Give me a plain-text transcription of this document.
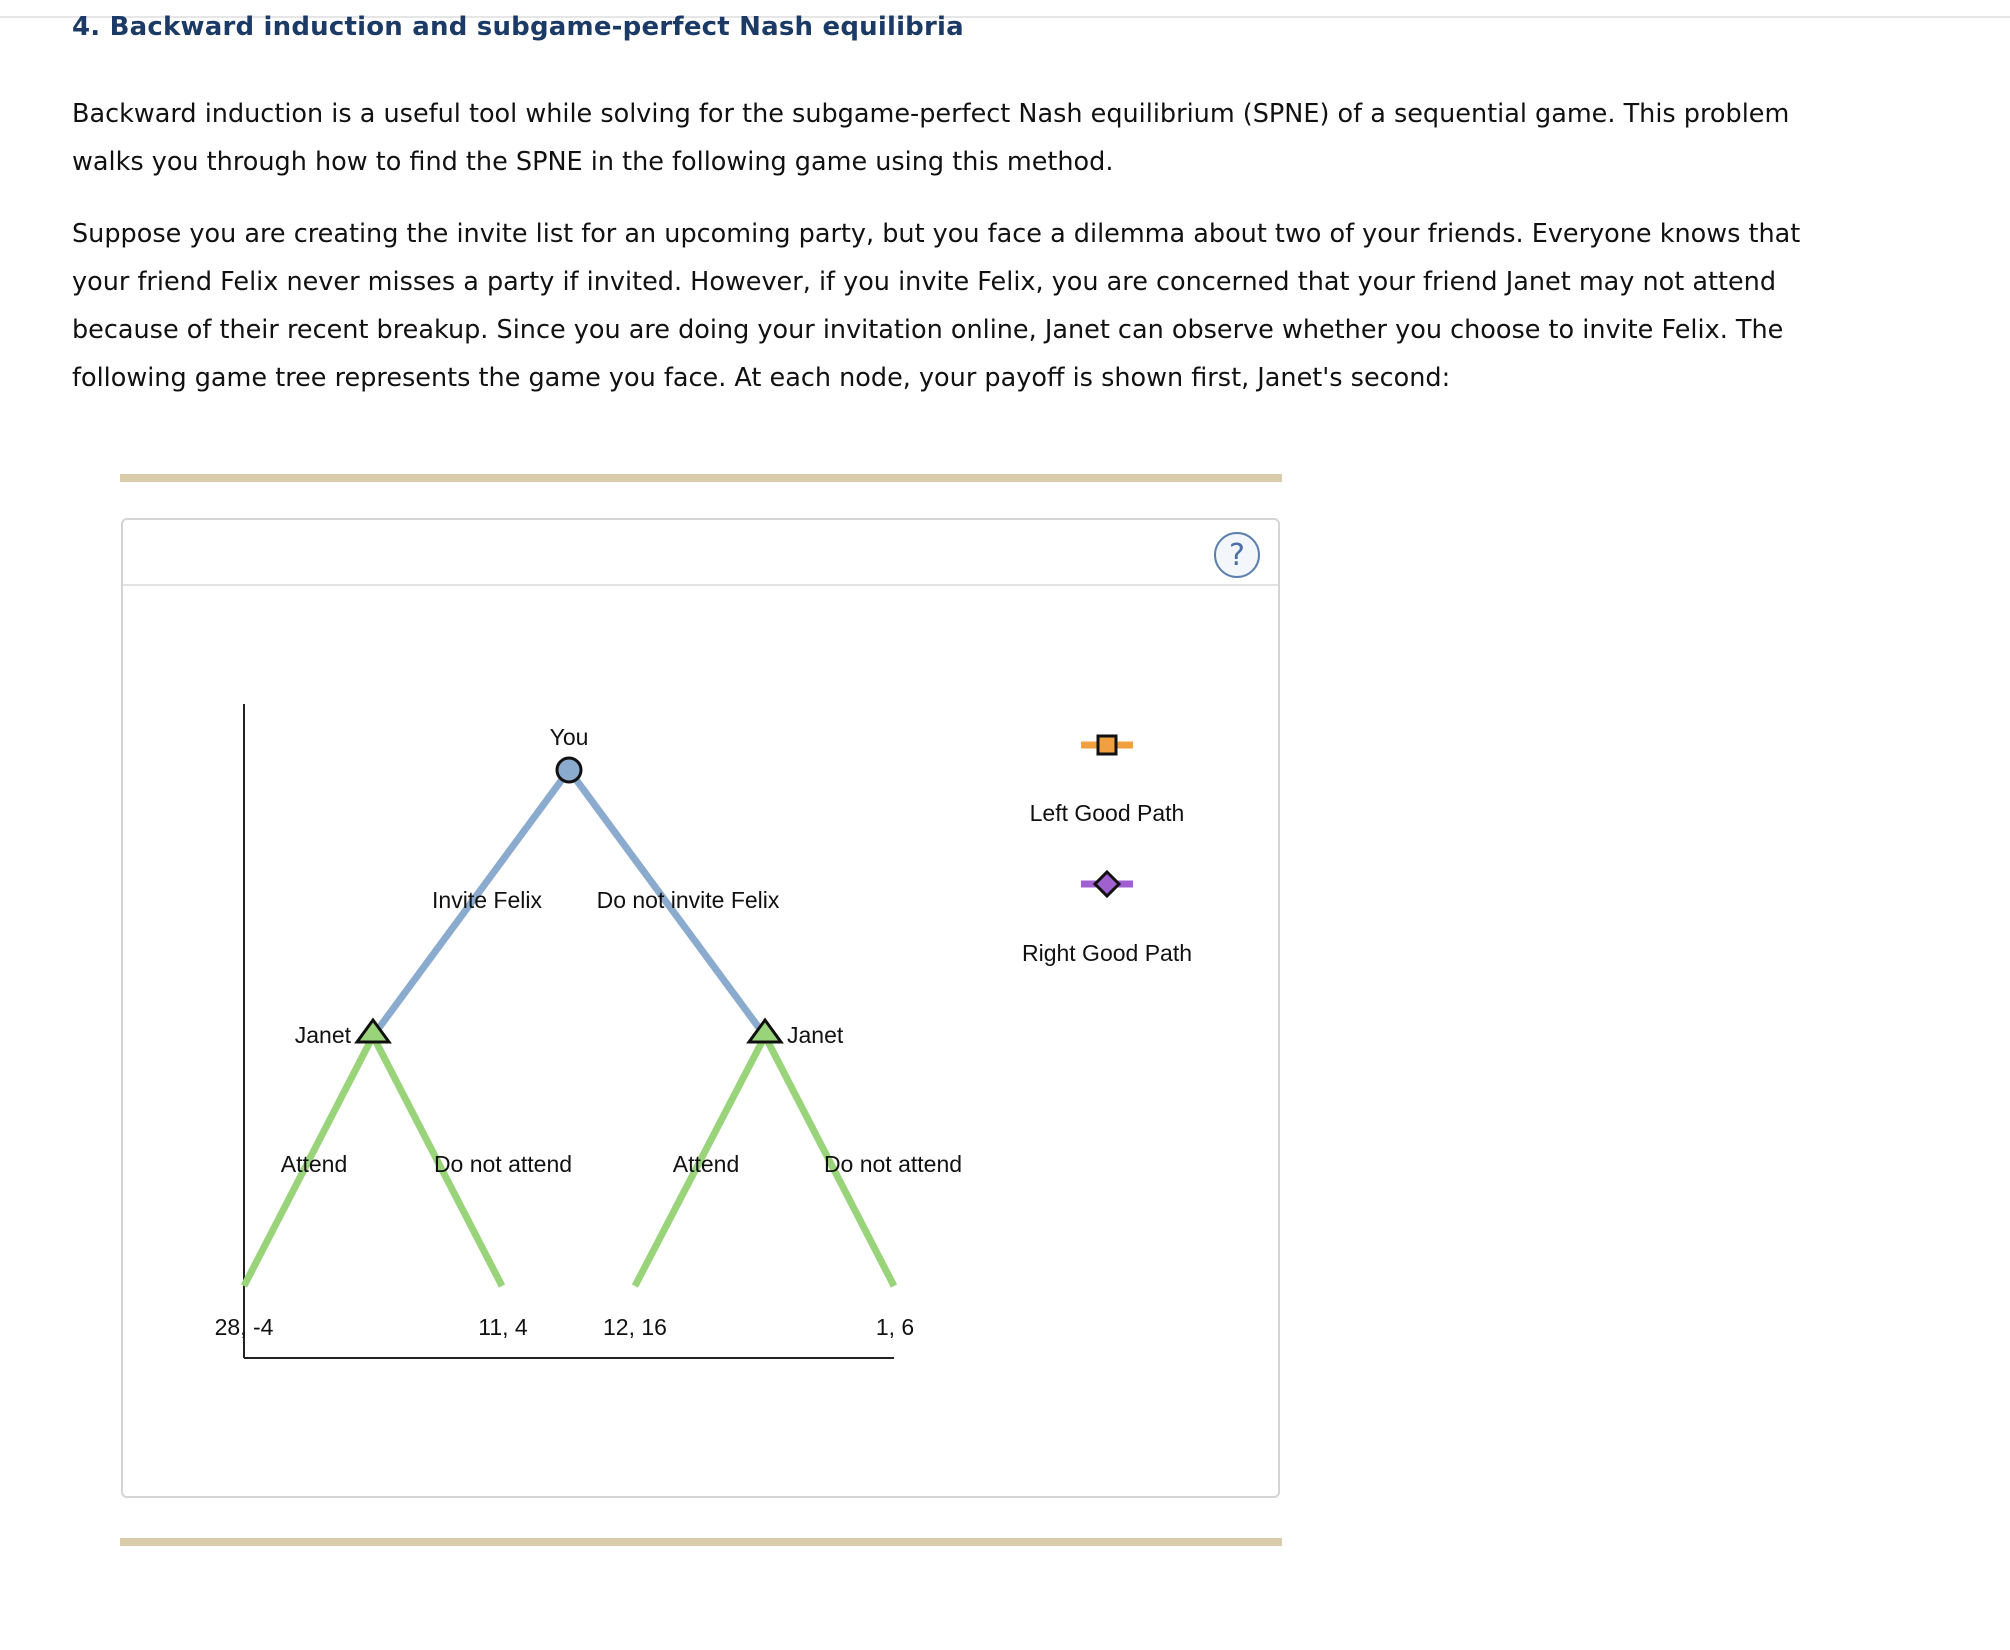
4. Backward induction and subgame-perfect Nash equilibria

Backward induction is a useful tool while solving for the subgame-perfect Nash equilibrium (SPNE) of a sequential game. This problem walks you through how to find the SPNE in the following game using this method.

Suppose you are creating the invite list for an upcoming party, but you face a dilemma about two of your friends. Everyone knows that your friend Felix never misses a party if invited. However, if you invite Felix, you are concerned that your friend Janet may not attend because of their recent breakup. Since you are doing your invitation online, Janet can observe whether you choose to invite Felix. The following game tree represents the game you face. At each node, your payoff is shown first, Janet's second:

?
You
Janet	Janet
Invite Felix Do not invite Felix
Attend	Do not attend	Attend	Do not attend
28, -4	11, 4	12, 16	1, 6
Left Good Path
Right Good Path
